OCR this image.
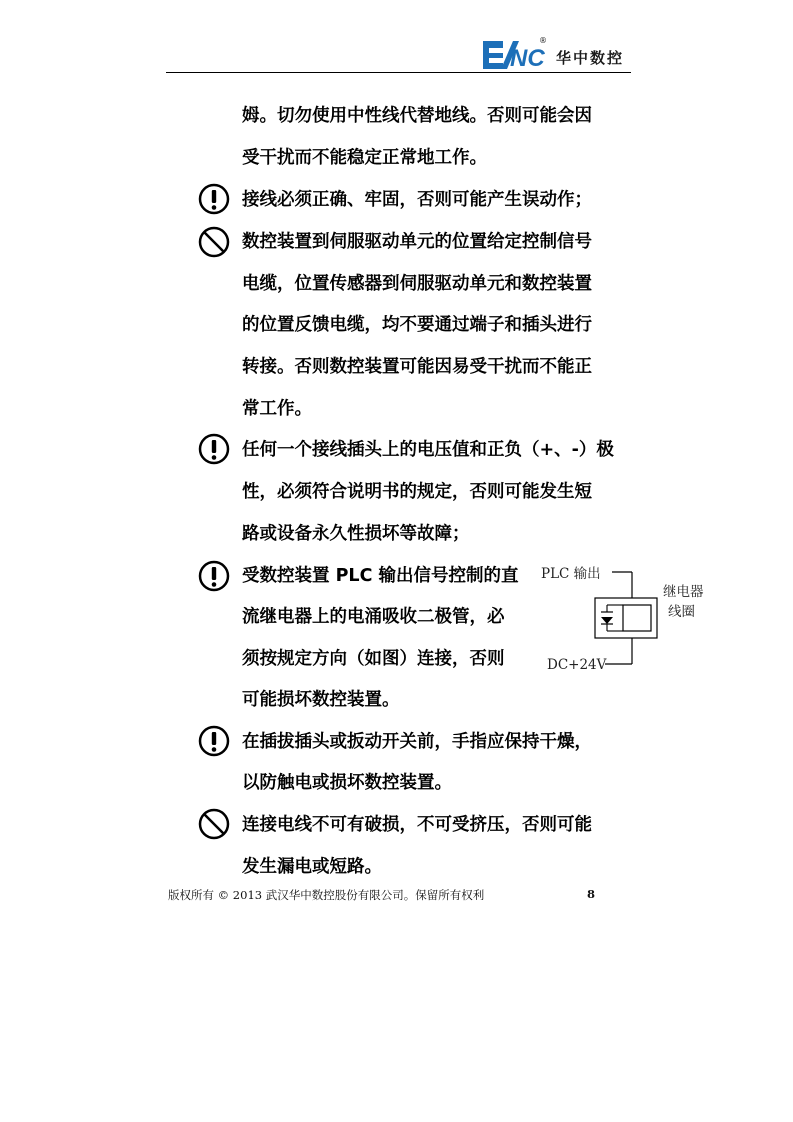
NC
®
华中数控
姆。切勿使用中性线代替地线。否则可能会因
受干扰而不能稳定正常地工作。
接线必须正确、牢固，否则可能产生误动作；
数控装置到伺服驱动单元的位置给定控制信号
电缆，位置传感器到伺服驱动单元和数控装置
的位置反馈电缆，均不要通过端子和插头进行
转接。否则数控装置可能因易受干扰而不能正
常工作。
任何一个接线插头上的电压值和正负（+、-）极
性，必须符合说明书的规定，否则可能发生短
路或设备永久性损坏等故障；
受数控装置 PLC 输出信号控制的直
流继电器上的电涌吸收二极管，必
须按规定方向（如图）连接，否则
可能损坏数控装置。
在插拔插头或扳动开关前，手指应保持干燥，
以防触电或损坏数控装置。
连接电线不可有破损，不可受挤压，否则可能
发生漏电或短路。
PLC 输出
继电器
线圈
DC+24V
版权所有 © 2013 武汉华中数控股份有限公司。保留所有权利	8
